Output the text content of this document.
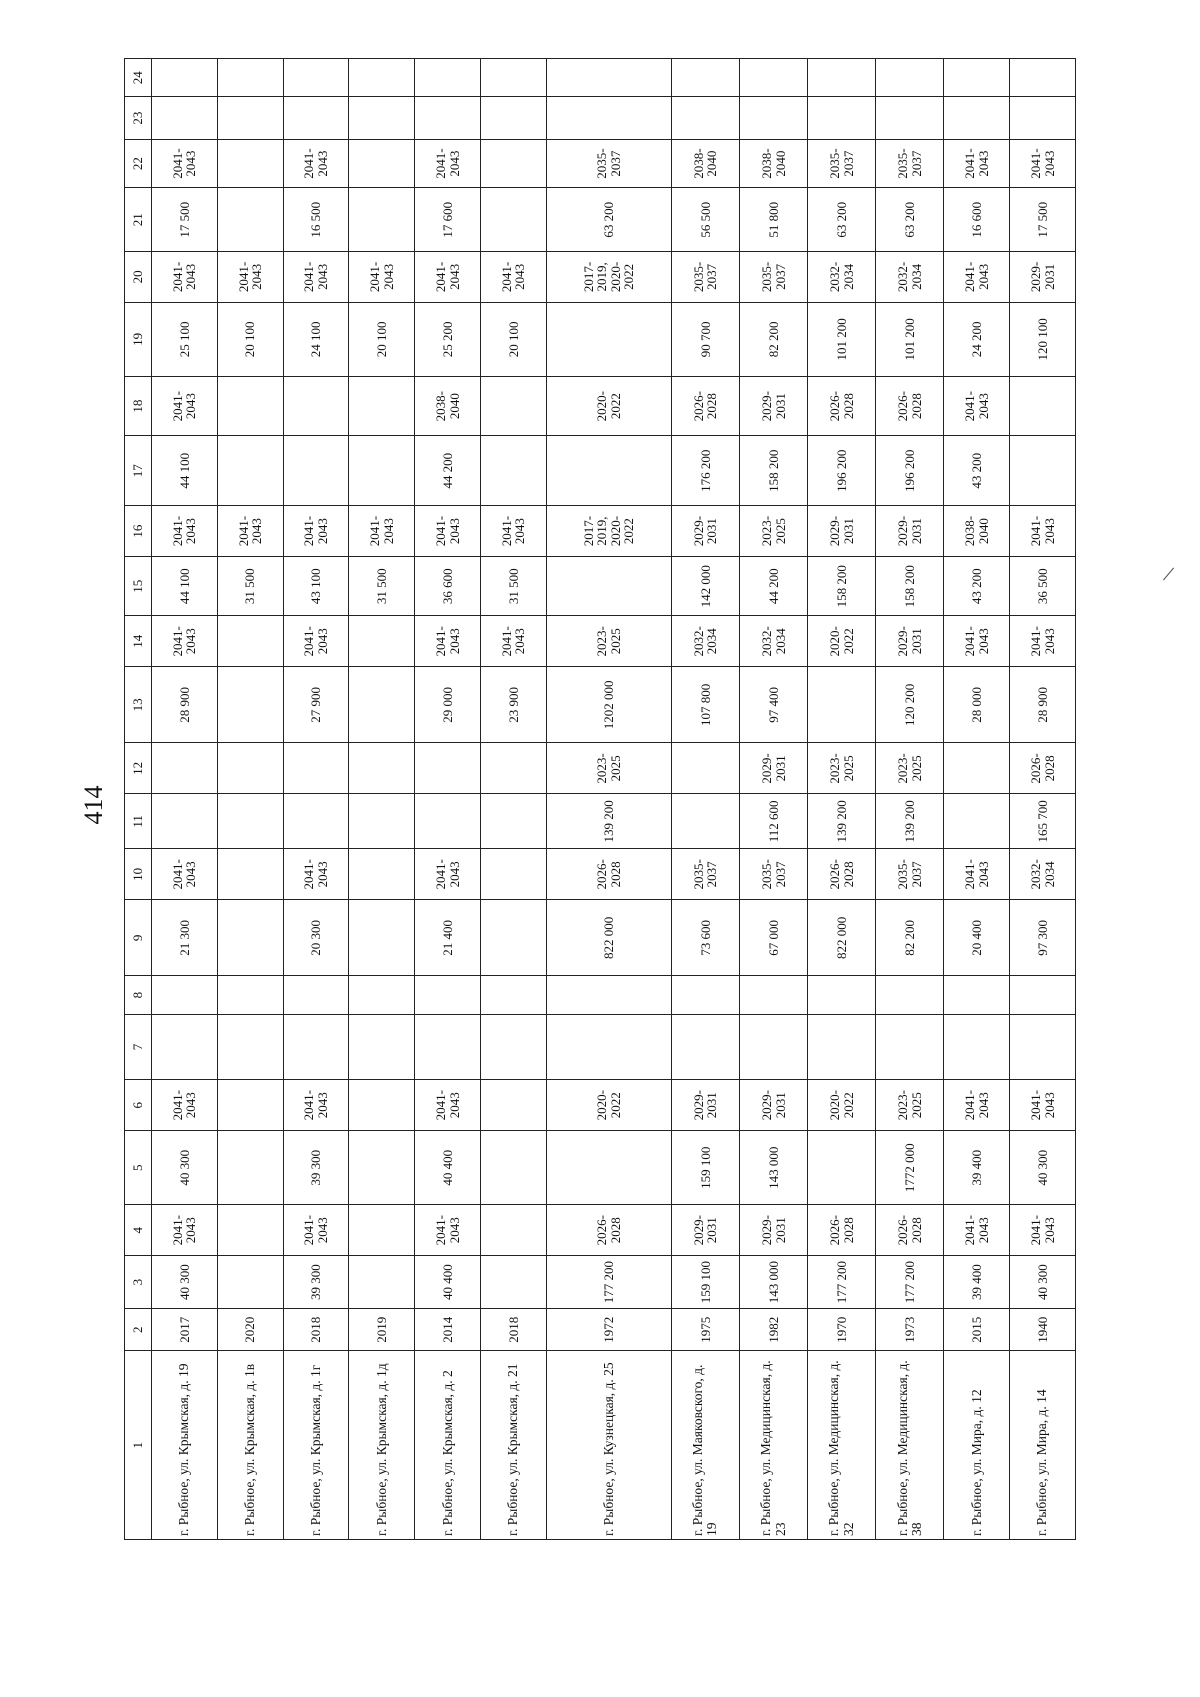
414
1	2	3	4	5	6	7	8	9	10	11	12	13	14	15	16	17	18	19	20	21	22	23	24
г. Рыбное, ул. Крымская, д. 19	2017	40 300	2041-2043	40 300	2041-2043			21 300	2041-2043			28 900	2041-2043	44 100	2041-2043	44 100	2041-2043	25 100	2041-2043	17 500	2041-2043		
г. Рыбное, ул. Крымская, д. 1в	2020													31 500	2041-2043			20 100	2041-2043				
г. Рыбное, ул. Крымская, д. 1г	2018	39 300	2041-2043	39 300	2041-2043			20 300	2041-2043			27 900	2041-2043	43 100	2041-2043			24 100	2041-2043	16 500	2041-2043		
г. Рыбное, ул. Крымская, д. 1д	2019													31 500	2041-2043			20 100	2041-2043				
г. Рыбное, ул. Крымская, д. 2	2014	40 400	2041-2043	40 400	2041-2043			21 400	2041-2043			29 000	2041-2043	36 600	2041-2043	44 200	2038-2040	25 200	2041-2043	17 600	2041-2043		
г. Рыбное, ул. Крымская, д. 21	2018											23 900	2041-2043	31 500	2041-2043			20 100	2041-2043				
г. Рыбное, ул. Кузнецкая, д. 25	1972	177 200	2026-2028		2020-2022			822 000	2026-2028	139 200	2023-2025	1202 000	2023-2025		2017-2019, 2020-2022		2020-2022		2017-2019, 2020-2022	63 200	2035-2037		
г. Рыбное, ул. Маяковского, д. 19	1975	159 100	2029-2031	159 100	2029-2031			73 600	2035-2037			107 800	2032-2034	142 000	2029-2031	176 200	2026-2028	90 700	2035-2037	56 500	2038-2040		
г. Рыбное, ул. Медицинская, д. 23	1982	143 000	2029-2031	143 000	2029-2031			67 000	2035-2037	112 600	2029-2031	97 400	2032-2034	44 200	2023-2025	158 200	2029-2031	82 200	2035-2037	51 800	2038-2040		
г. Рыбное, ул. Медицинская, д. 32	1970	177 200	2026-2028		2020-2022			822 000	2026-2028	139 200	2023-2025		2020-2022	158 200	2029-2031	196 200	2026-2028	101 200	2032-2034	63 200	2035-2037		
г. Рыбное, ул. Медицинская, д. 38	1973	177 200	2026-2028	1772 000	2023-2025			82 200	2035-2037	139 200	2023-2025	120 200	2029-2031	158 200	2029-2031	196 200	2026-2028	101 200	2032-2034	63 200	2035-2037		
г. Рыбное, ул. Мира, д. 12	2015	39 400	2041-2043	39 400	2041-2043			20 400	2041-2043			28 000	2041-2043	43 200	2038-2040	43 200	2041-2043	24 200	2041-2043	16 600	2041-2043		
г. Рыбное, ул. Мира, д. 14	1940	40 300	2041-2043	40 300	2041-2043			97 300	2032-2034	165 700	2026-2028	28 900	2041-2043	36 500	2041-2043			120 100	2029-2031	17 500	2041-2043		
